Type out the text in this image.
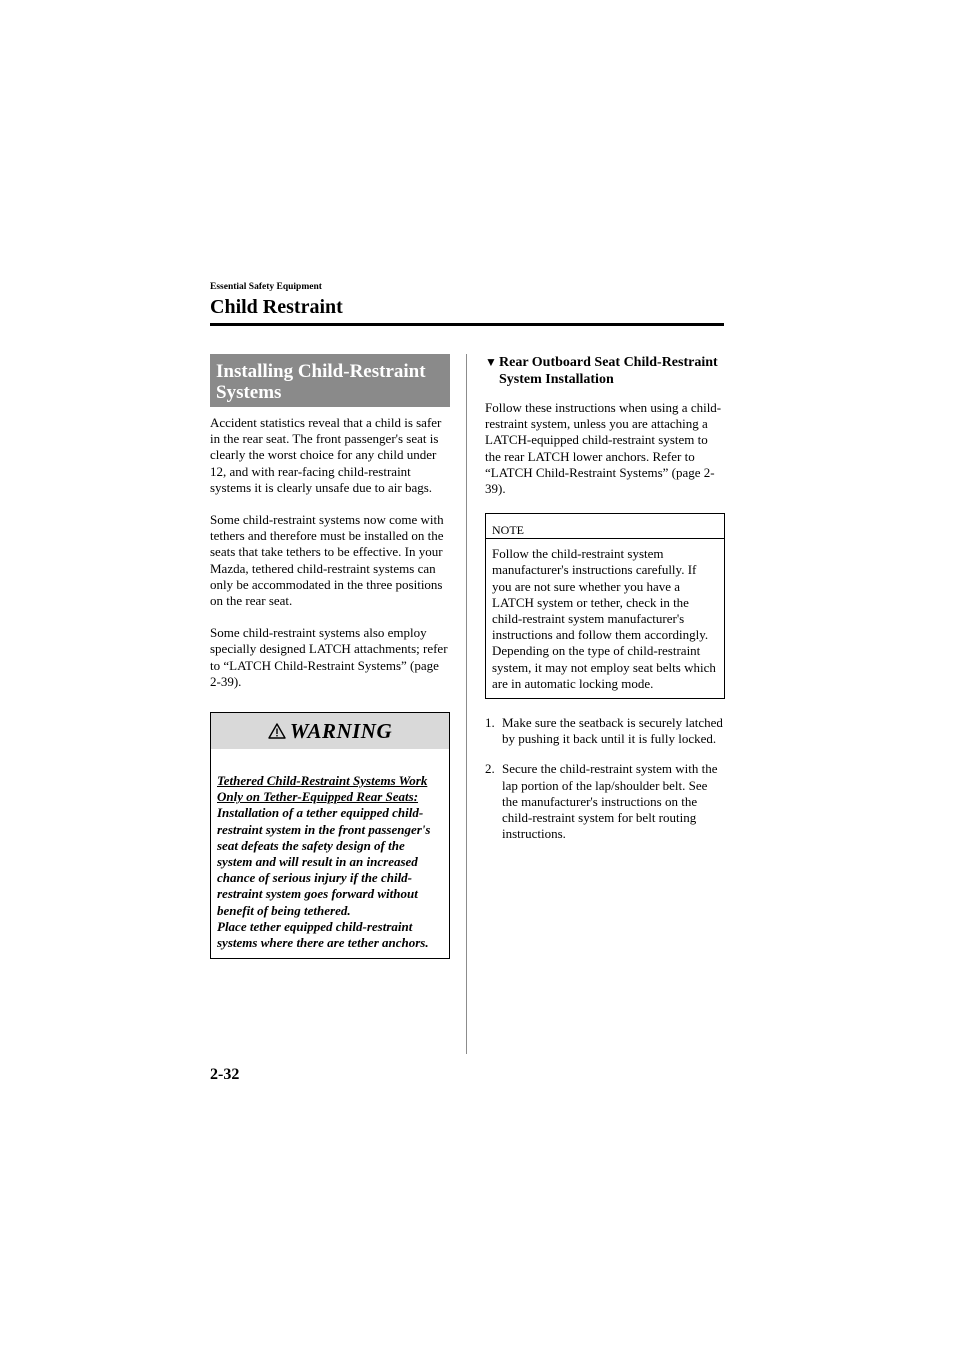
Essential Safety Equipment
Child Restraint
Installing Child-Restraint Systems

Accident statistics reveal that a child is safer in the rear seat. The front passenger's seat is clearly the worst choice for any child under 12, and with rear-facing child-restraint systems it is clearly unsafe due to air bags.

Some child-restraint systems now come with tethers and therefore must be installed on the seats that take tethers to be effective. In your Mazda, tethered child-restraint systems can only be accommodated in the three positions on the rear seat.

Some child-restraint systems also employ specially designed LATCH attachments; refer to “LATCH Child-Restraint Systems” (page 2-39).

WARNING
Tethered Child-Restraint Systems Work Only on Tether-Equipped Rear Seats:
Installation of a tether equipped child-restraint system in the front passenger's seat defeats the safety design of the system and will result in an increased chance of serious injury if the child-restraint system goes forward without benefit of being tethered.
Place tether equipped child-restraint systems where there are tether anchors.
▼ Rear Outboard Seat Child-Restraint System Installation

Follow these instructions when using a child-restraint system, unless you are attaching a LATCH-equipped child-restraint system to the rear LATCH lower anchors. Refer to “LATCH Child-Restraint Systems” (page 2-39).

NOTE
Follow the child-restraint system manufacturer's instructions carefully. If you are not sure whether you have a LATCH system or tether, check in the child-restraint system manufacturer's instructions and follow them accordingly. Depending on the type of child-restraint system, it may not employ seat belts which are in automatic locking mode.
1. Make sure the seatback is securely latched by pushing it back until it is fully locked.
2. Secure the child-restraint system with the lap portion of the lap/shoulder belt. See the manufacturer's instructions on the child-restraint system for belt routing instructions.
2-32
